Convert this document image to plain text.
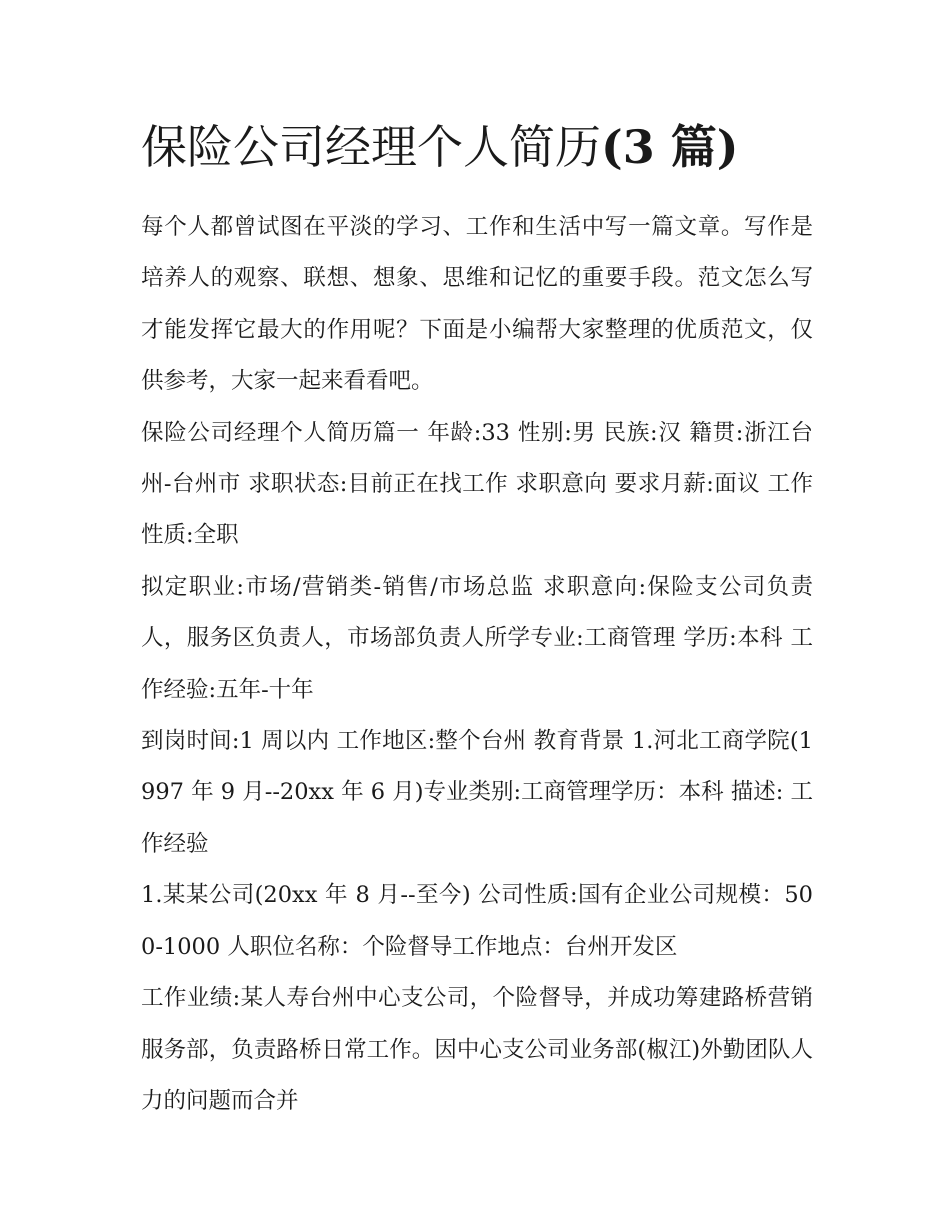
保险公司经理个人简历(3 篇)

每个人都曾试图在平淡的学习、工作和生活中写一篇文章。写作是培养人的观察、联想、想象、思维和记忆的重要手段。范文怎么写才能发挥它最大的作用呢？下面是小编帮大家整理的优质范文，仅供参考，大家一起来看看吧。

保险公司经理个人简历篇一 年龄:33 性别:男 民族:汉 籍贯:浙江台州-台州市 求职状态:目前正在找工作 求职意向 要求月薪:面议 工作性质:全职

拟定职业:市场/营销类-销售/市场总监 求职意向:保险支公司负责人，服务区负责人，市场部负责人所学专业:工商管理 学历:本科 工作经验:五年-十年

到岗时间:1 周以内 工作地区:整个台州 教育背景 1.河北工商学院(1997 年 9 月--20xx 年 6 月)专业类别:工商管理学历：本科 描述: 工作经验

1.某某公司(20xx 年 8 月--至今) 公司性质:国有企业公司规模：500-1000 人职位名称：个险督导工作地点：台州开发区

工作业绩:某人寿台州中心支公司，个险督导，并成功筹建路桥营销服务部，负责路桥日常工作。因中心支公司业务部(椒江)外勤团队人力的问题而合并
